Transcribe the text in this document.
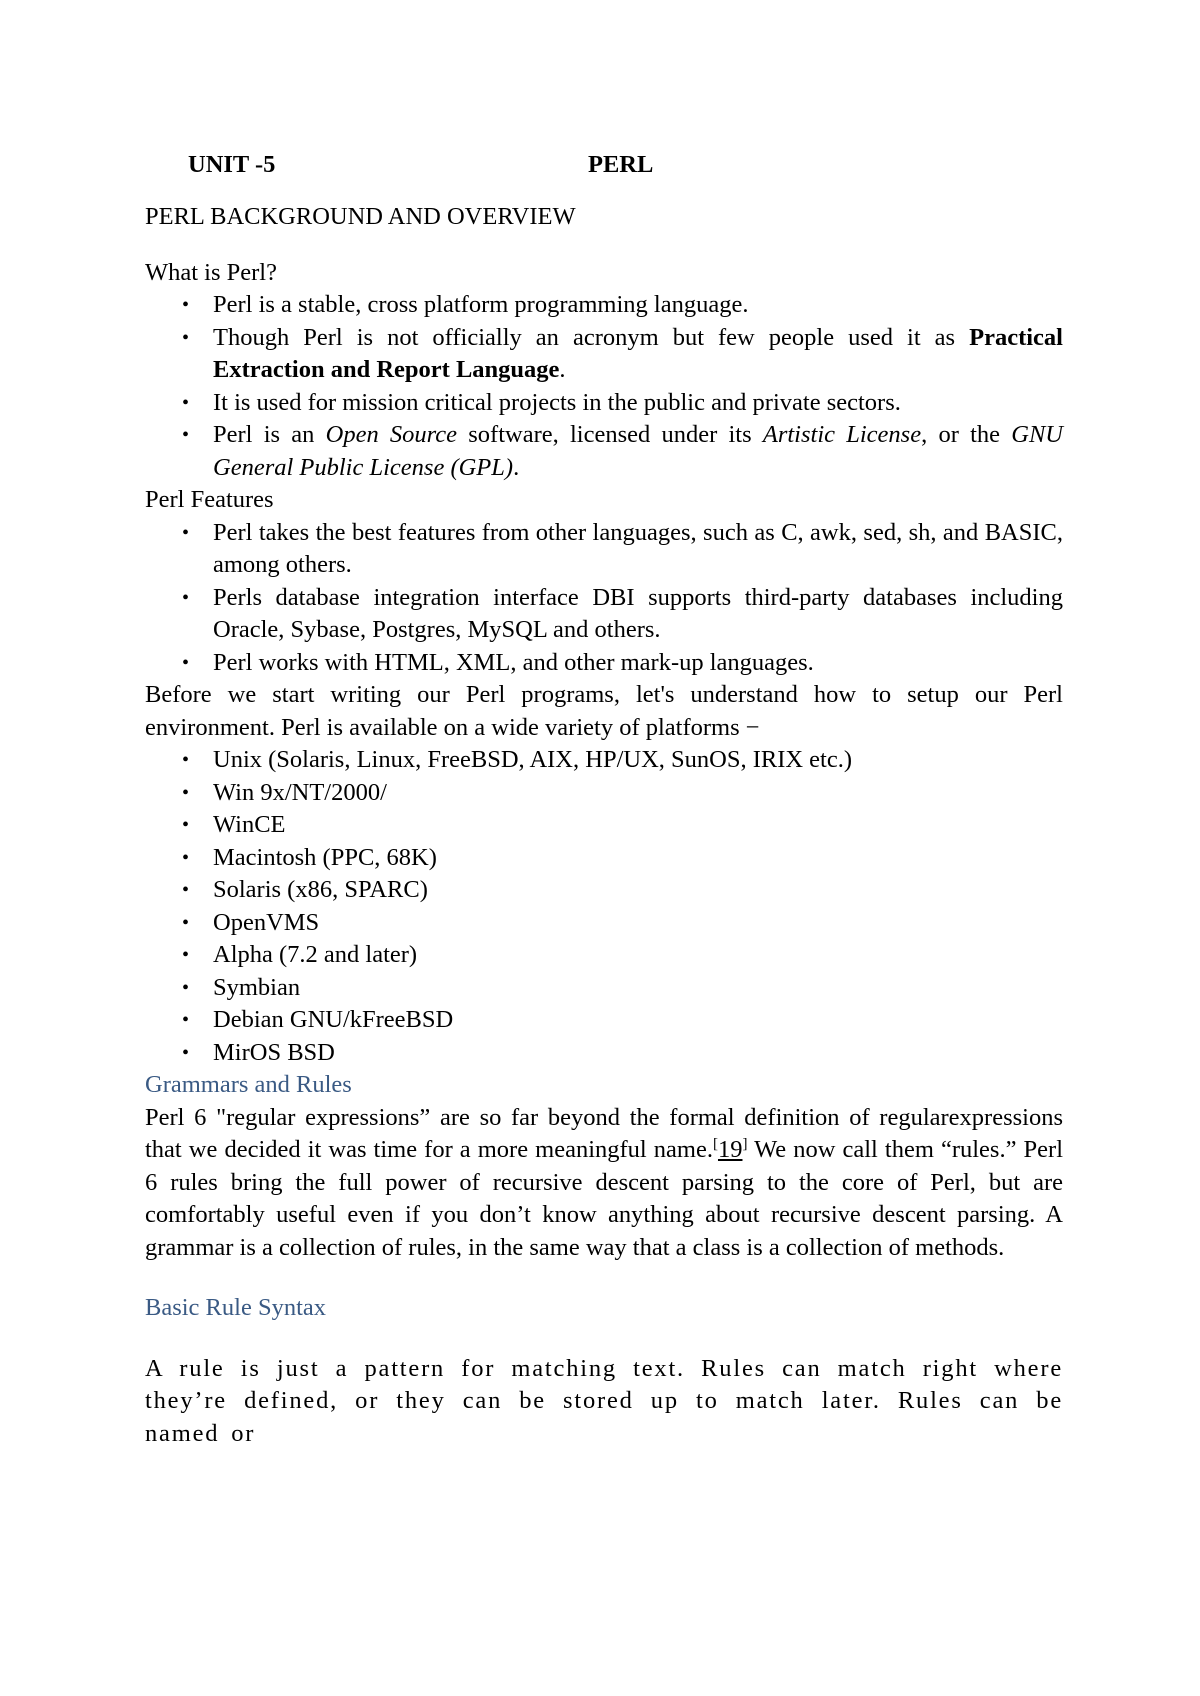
UNIT -5	PERL

PERL BACKGROUND AND OVERVIEW

What is Perl?

• Perl is a stable, cross platform programming language.
• Though Perl is not officially an acronym but few people used it as Practical Extraction and Report Language.
• It is used for mission critical projects in the public and private sectors.
• Perl is an Open Source software, licensed under its Artistic License, or the GNU General Public License (GPL).

Perl Features

• Perl takes the best features from other languages, such as C, awk, sed, sh, and BASIC, among others.
• Perls database integration interface DBI supports third-party databases including Oracle, Sybase, Postgres, MySQL and others.
• Perl works with HTML, XML, and other mark-up languages.

Before we start writing our Perl programs, let's understand how to setup our Perl environment. Perl is available on a wide variety of platforms −

• Unix (Solaris, Linux, FreeBSD, AIX, HP/UX, SunOS, IRIX etc.)
• Win 9x/NT/2000/
• WinCE
• Macintosh (PPC, 68K)
• Solaris (x86, SPARC)
• OpenVMS
• Alpha (7.2 and later)
• Symbian
• Debian GNU/kFreeBSD
• MirOS BSD

Grammars and Rules

Perl 6 "regular expressions” are so far beyond the formal definition of regularexpressions that we decided it was time for a more meaningful name.[19] We now call them “rules.” Perl 6 rules bring the full power of recursive descent parsing to the core of Perl, but are comfortably useful even if you don’t know anything about recursive descent parsing. A grammar is a collection of rules, in the same way that a class is a collection of methods.

Basic Rule Syntax

A rule is just a pattern for matching text. Rules can match right where they’re defined, or they can be stored up to match later. Rules can be named or
